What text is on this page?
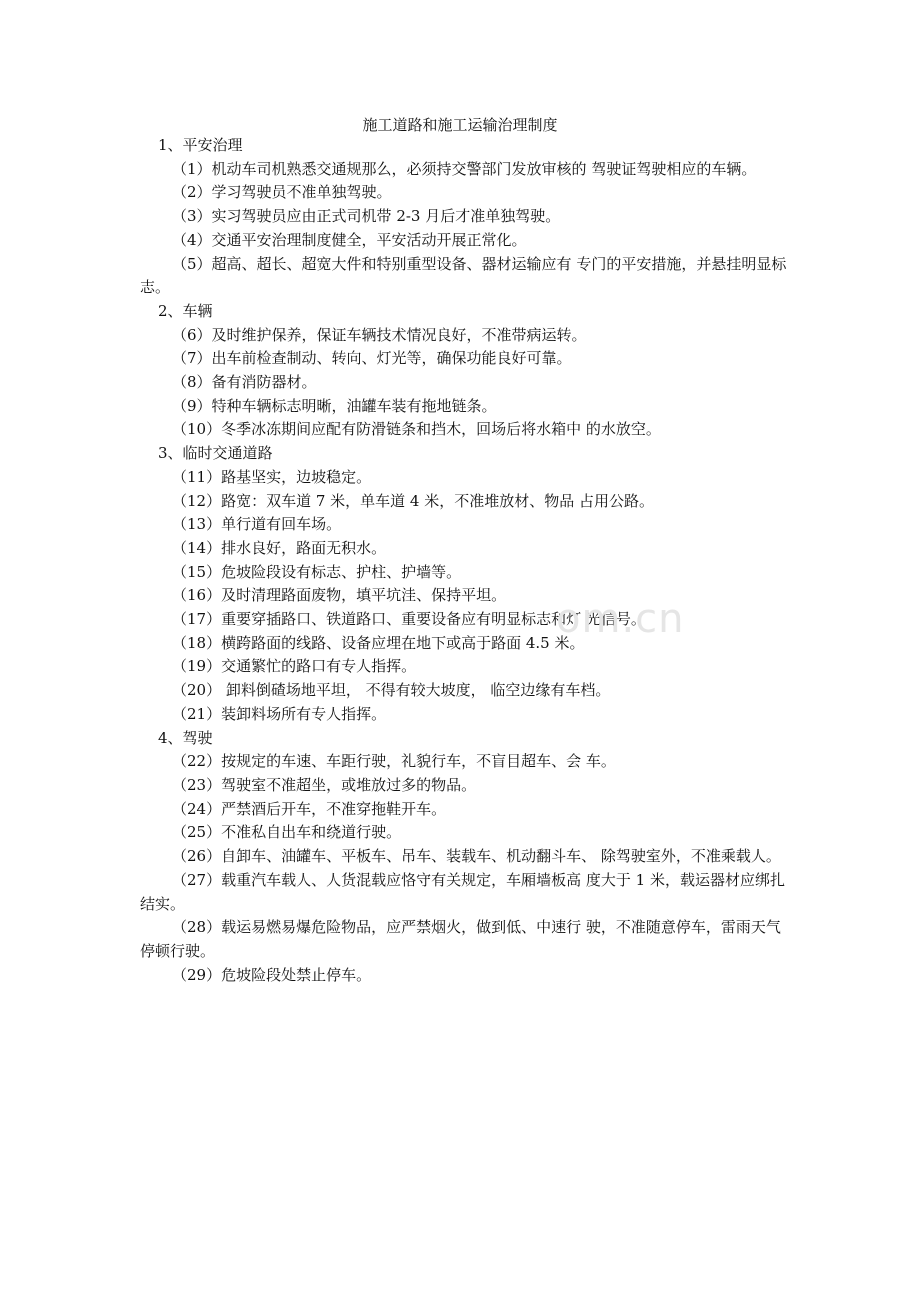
施工道路和施工运输治理制度
1、平安治理
（1）机动车司机熟悉交通规那么，必须持交警部门发放审核的 驾驶证驾驶相应的车辆。
（2）学习驾驶员不准单独驾驶。
（3）实习驾驶员应由正式司机带 2-3 月后才准单独驾驶。
（4）交通平安治理制度健全，平安活动开展正常化。
（5）超高、超长、超宽大件和特别重型设备、器材运输应有 专门的平安措施，并悬挂明显标志。
2、车辆
（6）及时维护保养，保证车辆技术情况良好，不准带病运转。
（7）出车前检查制动、转向、灯光等，确保功能良好可靠。
（8）备有消防器材。
（9）特种车辆标志明晰，油罐车装有拖地链条。
（10）冬季冰冻期间应配有防滑链条和挡木，回场后将水箱中 的水放空。
3、临时交通道路
（11）路基坚实，边坡稳定。
（12）路宽：双车道 7 米，单车道 4 米，不准堆放材、物品 占用公路。
（13）单行道有回车场。
（14）排水良好，路面无积水。
（15）危坡险段设有标志、护柱、护墙等。
（16）及时清理路面废物，填平坑洼、保持平坦。
（17）重要穿插路口、铁道路口、重要设备应有明显标志和灯 光信号。
（18）横跨路面的线路、设备应埋在地下或高于路面 4.5 米。
（19）交通繁忙的路口有专人指挥。
（20） 卸料倒碴场地平坦， 不得有较大坡度， 临空边缘有车档。
（21）装卸料场所有专人指挥。
4、驾驶
（22）按规定的车速、车距行驶，礼貌行车，不盲目超车、会 车。
（23）驾驶室不准超坐，或堆放过多的物品。
（24）严禁酒后开车，不准穿拖鞋开车。
（25）不准私自出车和绕道行驶。
（26）自卸车、油罐车、平板车、吊车、装载车、机动翻斗车、 除驾驶室外，不准乘载人。
（27）载重汽车载人、人货混载应恪守有关规定，车厢墙板高 度大于 1 米，载运器材应绑扎结实。
（28）载运易燃易爆危险物品，应严禁烟火，做到低、中速行 驶，不准随意停车，雷雨天气停顿行驶。
（29）危坡险段处禁止停车。
om.cn
